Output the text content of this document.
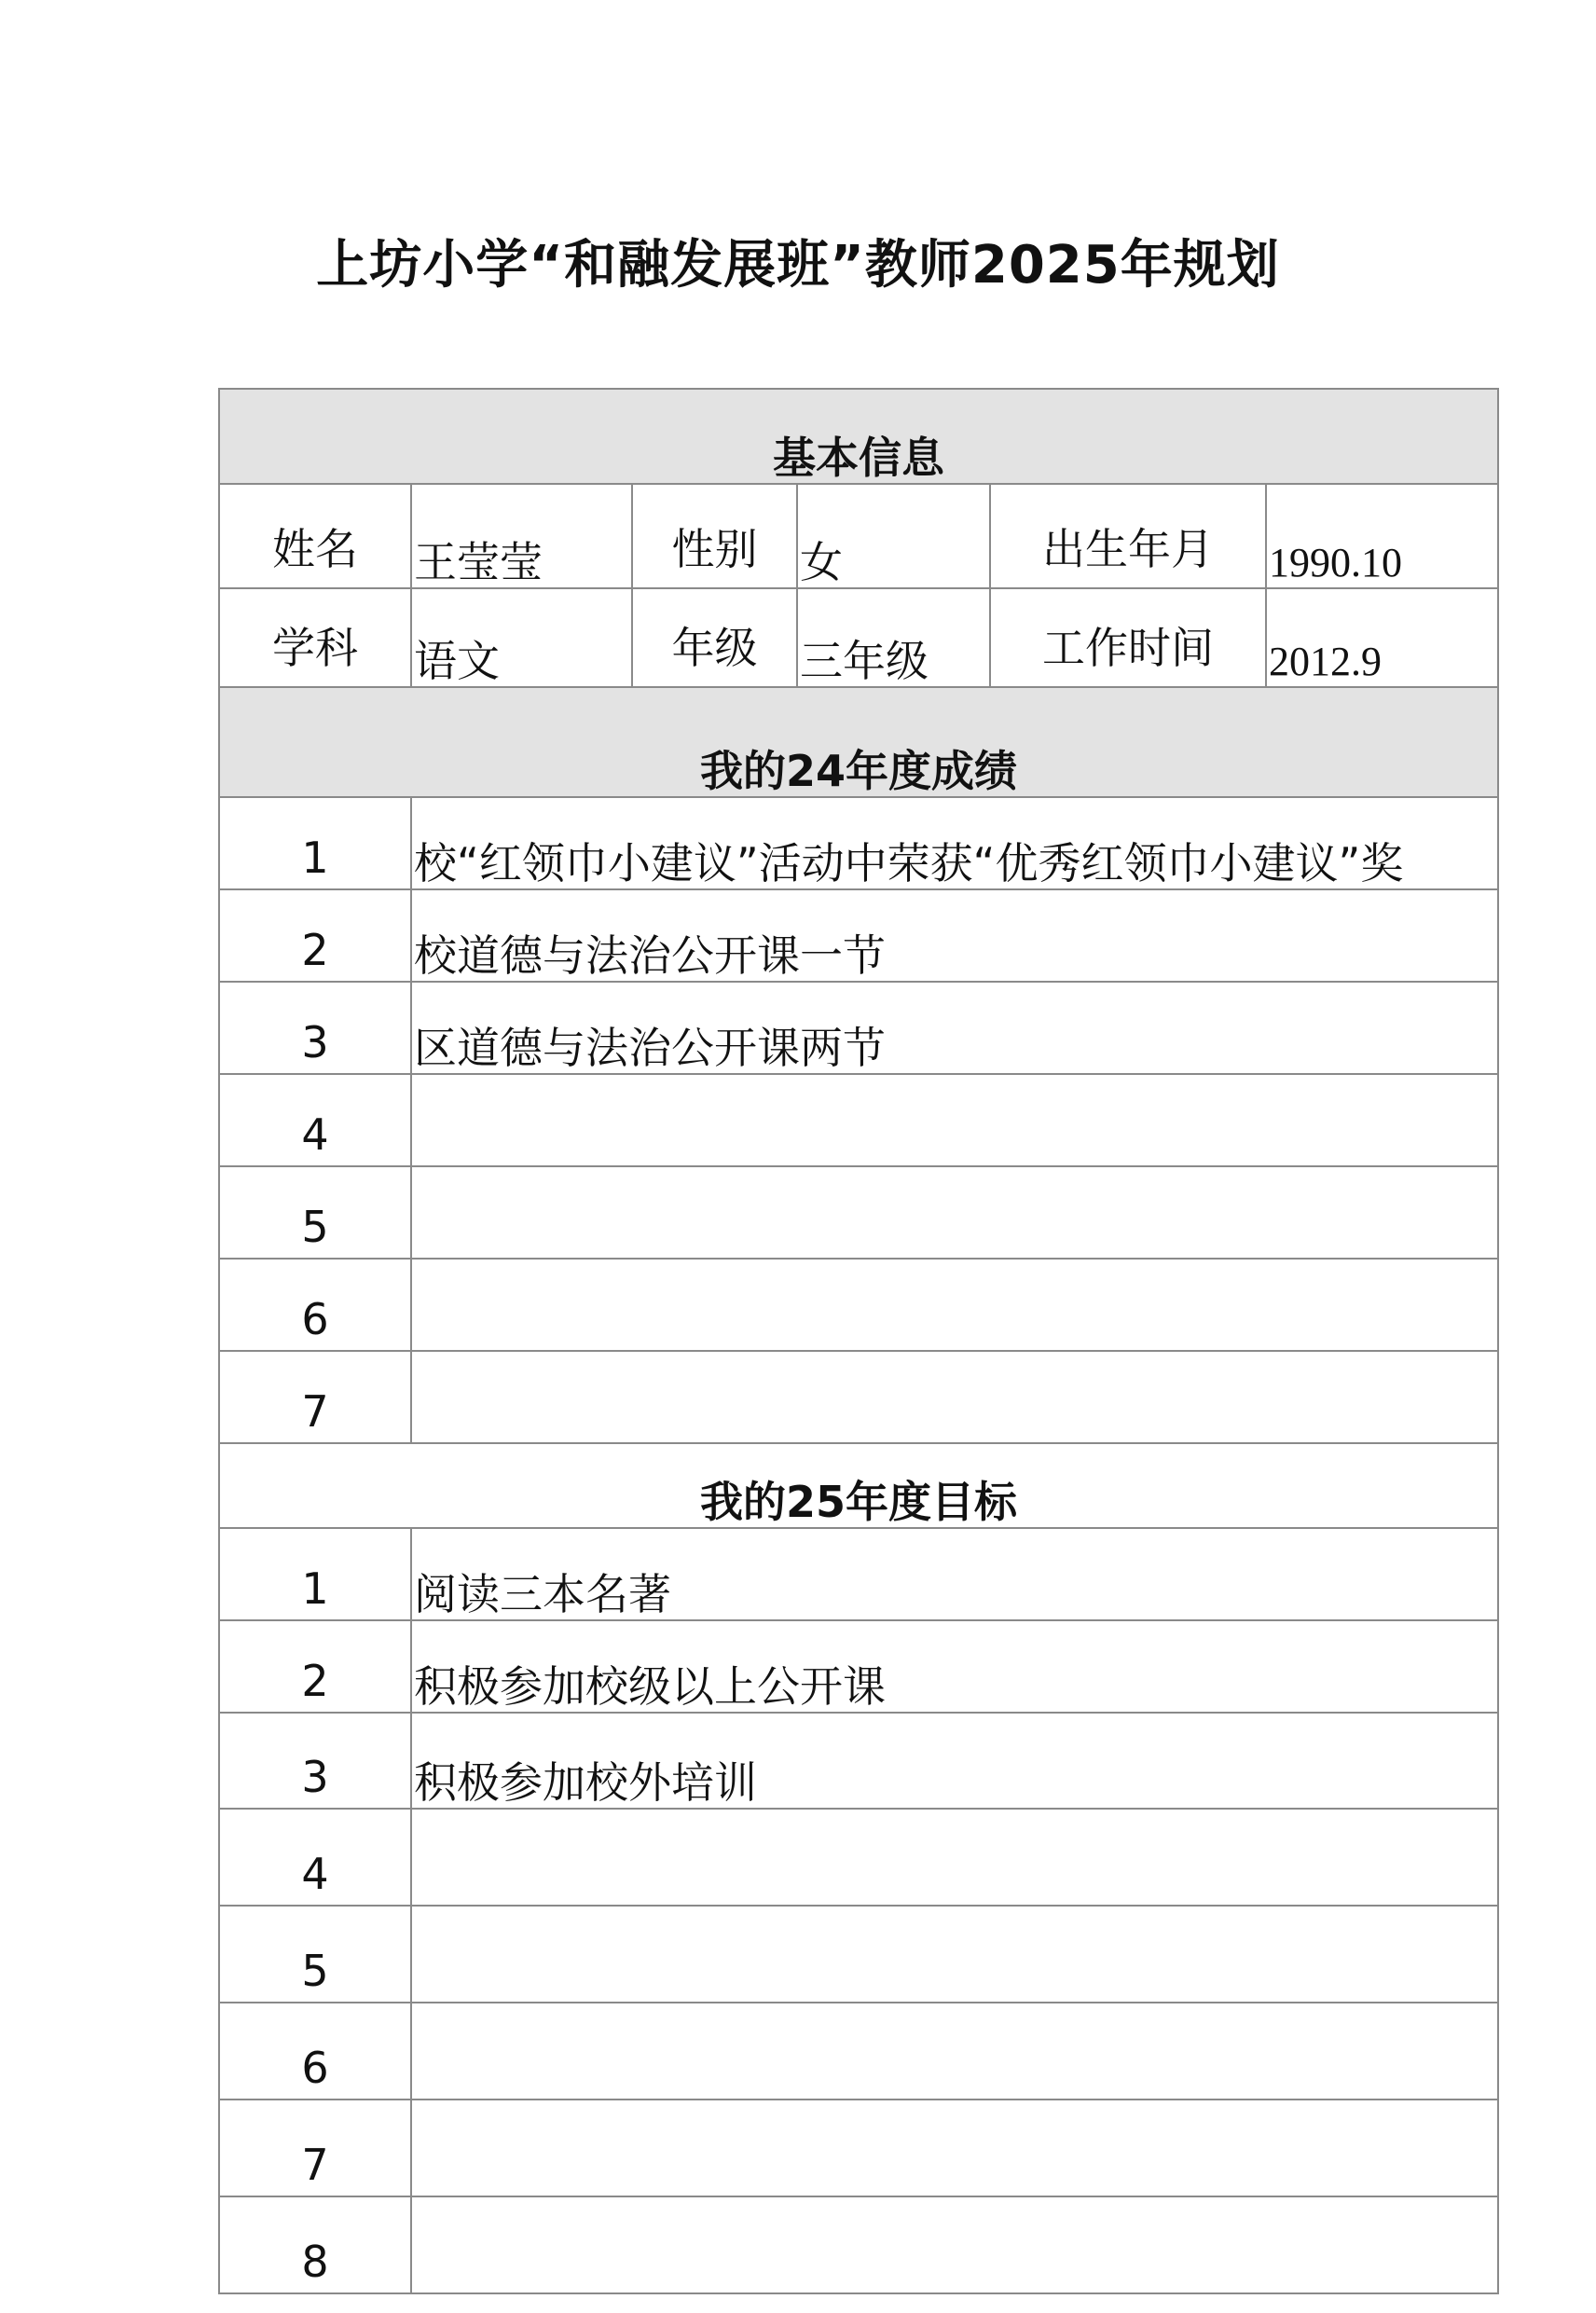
上坊小学“和融发展班”教师2025年规划
基本信息					
姓名	王莹莹	性别	女	出生年月	1990.10
学科	语文	年级	三年级	工作时间	2012.9
我的24年度成绩					
1	校“红领巾小建议”活动中荣获“优秀红领巾小建议”奖				
2	校道德与法治公开课一节				
3	区道德与法治公开课两节				
4					
5					
6					
7					
我的25年度目标					
1	阅读三本名著				
2	积极参加校级以上公开课				
3	积极参加校外培训				
4					
5					
6					
7					
8					
